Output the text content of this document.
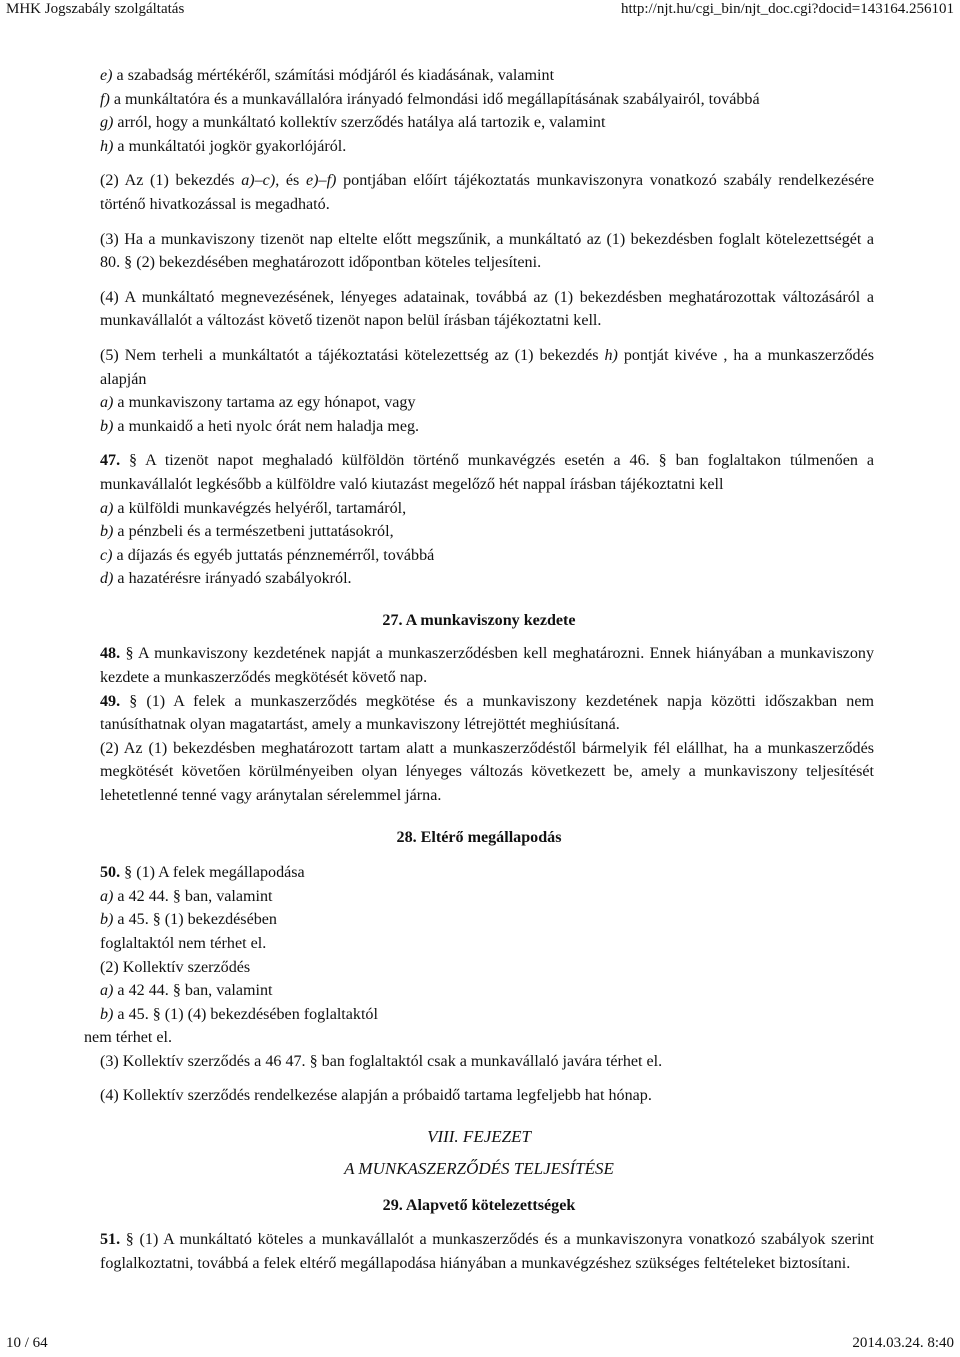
MHK Jogszabály szolgáltatás	http://njt.hu/cgi_bin/njt_doc.cgi?docid=143164.256101

e) a szabadság mértékéről, számítási módjáról és kiadásának, valamint

f) a munkáltatóra és a munkavállalóra irányadó felmondási idő megállapításának szabályairól, továbbá

g) arról, hogy a munkáltató kollektív szerződés hatálya alá tartozik e, valamint

h) a munkáltatói jogkör gyakorlójáról.

(2) Az (1) bekezdés a)–c), és e)–f) pontjában előírt tájékoztatás munkaviszonyra vonatkozó szabály rendelkezésére történő hivatkozással is megadható.

(3) Ha a munkaviszony tizenöt nap eltelte előtt megszűnik, a munkáltató az (1) bekezdésben foglalt kötelezettségét a 80. § (2) bekezdésében meghatározott időpontban köteles teljesíteni.

(4) A munkáltató megnevezésének, lényeges adatainak, továbbá az (1) bekezdésben meghatározottak változásáról a munkavállalót a változást követő tizenöt napon belül írásban tájékoztatni kell.

(5) Nem terheli a munkáltatót a tájékoztatási kötelezettség az (1) bekezdés h) pontját kivéve , ha a munkaszerződés alapján

a) a munkaviszony tartama az egy hónapot, vagy

b) a munkaidő a heti nyolc órát nem haladja meg.

47. § A tizenöt napot meghaladó külföldön történő munkavégzés esetén a 46. § ban foglaltakon túlmenően a munkavállalót legkésőbb a külföldre való kiutazást megelőző hét nappal írásban tájékoztatni kell

a) a külföldi munkavégzés helyéről, tartamáról,

b) a pénzbeli és a természetbeni juttatásokról,

c) a díjazás és egyéb juttatás pénznemérről, továbbá

d) a hazatérésre irányadó szabályokról.

27. A munkaviszony kezdete

48. § A munkaviszony kezdetének napját a munkaszerződésben kell meghatározni. Ennek hiányában a munkaviszony kezdete a munkaszerződés megkötését követő nap.

49. § (1) A felek a munkaszerződés megkötése és a munkaviszony kezdetének napja közötti időszakban nem tanúsíthatnak olyan magatartást, amely a munkaviszony létrejöttét meghiúsítaná.

(2) Az (1) bekezdésben meghatározott tartam alatt a munkaszerződéstől bármelyik fél elállhat, ha a munkaszerződés megkötését követően körülményeiben olyan lényeges változás következett be, amely a munkaviszony teljesítését lehetetlenné tenné vagy aránytalan sérelemmel járna.

28. Eltérő megállapodás

50. § (1) A felek megállapodása

a) a 42 44. § ban, valamint

b) a 45. § (1) bekezdésében

foglaltaktól nem térhet el.

(2) Kollektív szerződés

a) a 42 44. § ban, valamint

b) a 45. § (1) (4) bekezdésében foglaltaktól

nem térhet el.

(3) Kollektív szerződés a 46 47. § ban foglaltaktól csak a munkavállaló javára térhet el.

(4) Kollektív szerződés rendelkezése alapján a próbaidő tartama legfeljebb hat hónap.

VIII. FEJEZET

A MUNKASZERZŐDÉS TELJESÍTÉSE

29. Alapvető kötelezettségek

51. § (1) A munkáltató köteles a munkavállalót a munkaszerződés és a munkaviszonyra vonatkozó szabályok szerint foglalkoztatni, továbbá a felek eltérő megállapodása hiányában a munkavégzéshez szükséges feltételeket biztosítani.

10 / 64	2014.03.24. 8:40
